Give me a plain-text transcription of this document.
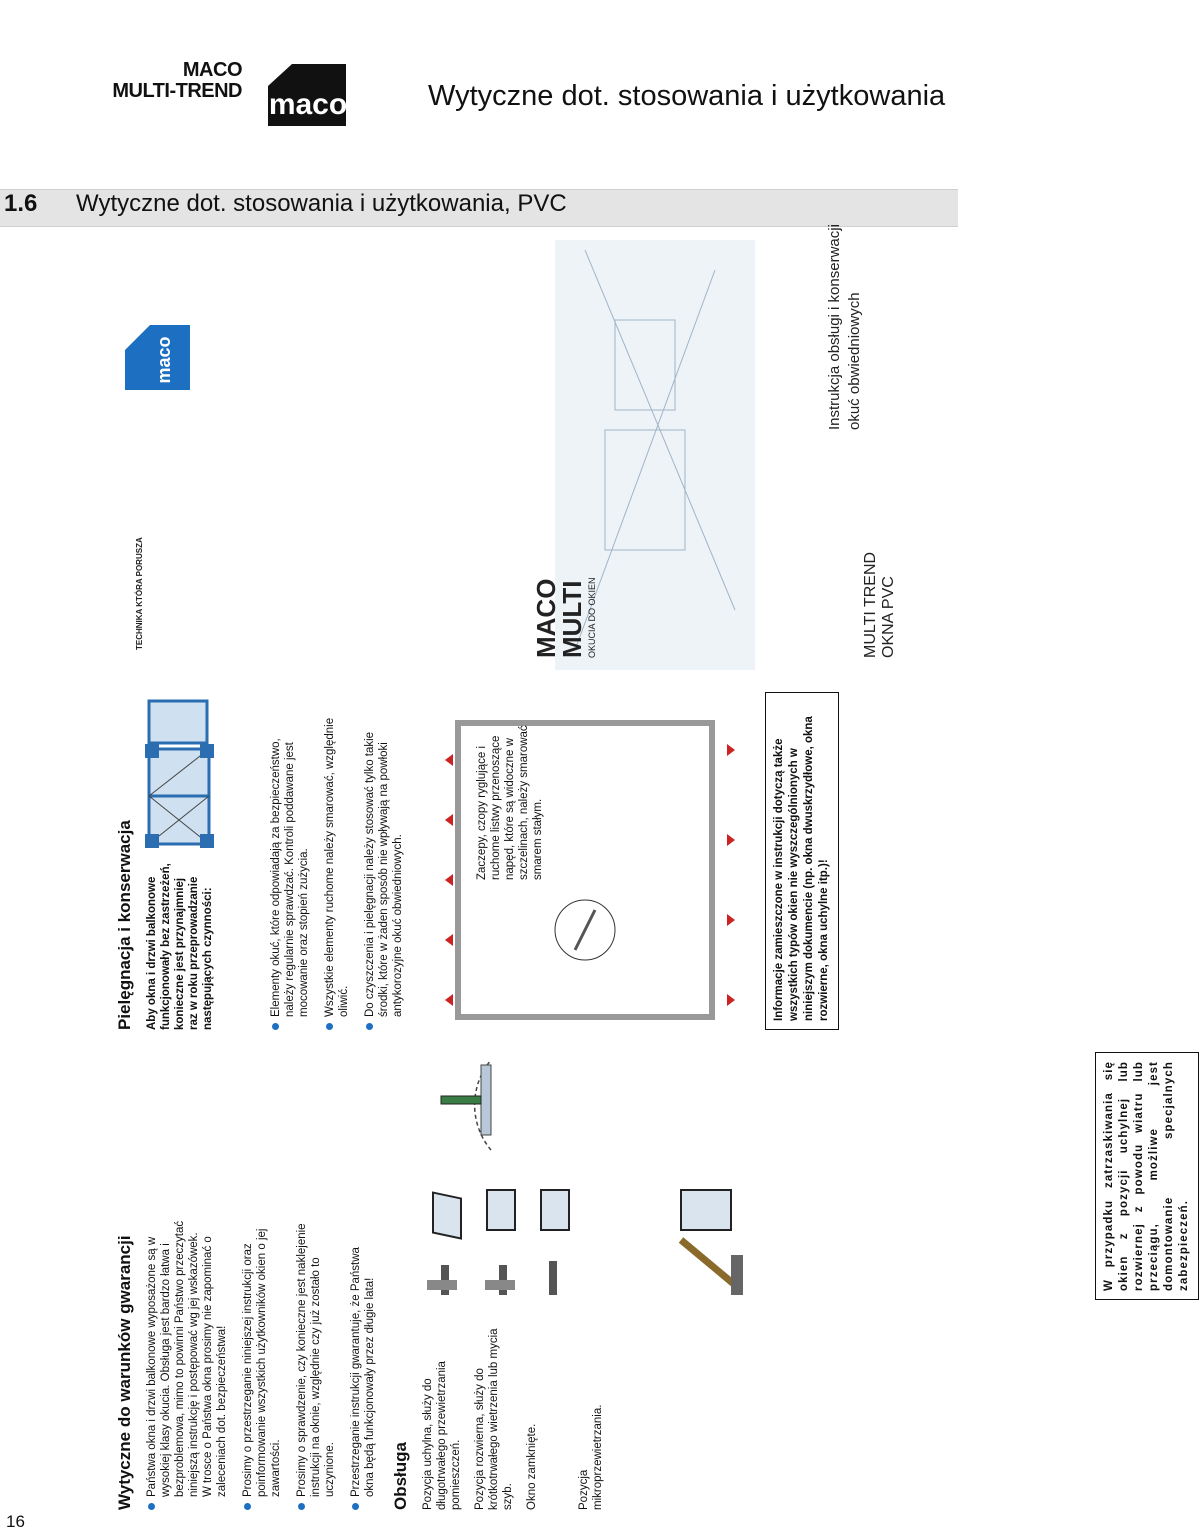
MACO
MULTI-TREND maco	Wytyczne dot. stosowania i użytkowania
1.6 Wytyczne dot. stosowania i użytkowania, PVC
Wytyczne do warunków gwarancji Państwa okna i drzwi balkonowe wyposażone są w wysokiej klasy okucia. Obsługa jest bardzo łatwa i bezproblemowa, mimo to powinni Państwo przeczytać niniejszą instrukcję i postępować wg jej wskazówek. W trosce o Państwa okna prosimy nie zapominać o zaleceniach dot. bezpieczeństwa! Prosimy o przestrzeganie niniejszej instrukcji oraz poinformowanie wszystkich użytkowników okien o jej zawartości. Prosimy o sprawdzenie, czy konieczne jest naklejenie instrukcji na oknie, względnie czy już zostało to uczynione. Przestrzeganie instrukcji gwarantuje, że Państwa okna będą funkcjonowały przez długie lata! Obsługa Pozycja uchylna, służy do długotrwałego przewietrzania pomieszczeń. Pozycja rozwierna, służy do krótkotrwałego wietrzenia lub mycia szyb. Okno zamknięte.	Pozycja mikroprzewietrzania.

W przypadku zatrzaskiwania się okien z pozycji uchylnej lub rozwiernej z powodu wiatru lub przeciągu, możliwe jest domontowanie specjalnych zabezpieczeń.
Pielęgnacja i konserwacja Aby okna i drzwi balkonowe funkcjonowały bez zastrzeżeń, konieczne jest przynajmniej raz w roku przeprowadzanie następujących czynności:	Elementy okuć, które odpowiadają za bezpieczeństwo, należy regularnie sprawdzać. Kontroli poddawane jest mocowanie oraz stopień zużycia. Wszystkie elementy ruchome należy smarować, względnie oliwić. Do czyszczenia i pielęgnacji należy stosować tylko takie środki, które w żaden sposób nie wpływają na powłoki antykorozyjne okuć obwiedniowych.

Zaczepy, czopy ryglujące i ruchome listwy przenoszące napęd, które są widoczne w szczelinach, należy smarować smarem stałym.	Informacje zamieszczone w instrukcji dotyczą także wszystkich typów okien nie wyszczególnionych w niniejszym dokumencie (np. okna dwuskrzydłowe, okna rozwierne, okna uchylne itp.)!
maco
TECHNIKA KTÓRA PORUSZA	MACO
MULTI OKUCIA DO OKIEN
Instrukcja obsługi i konserwacji okuć obwiedniowych
MULTI TREND OKNA PVC
16
